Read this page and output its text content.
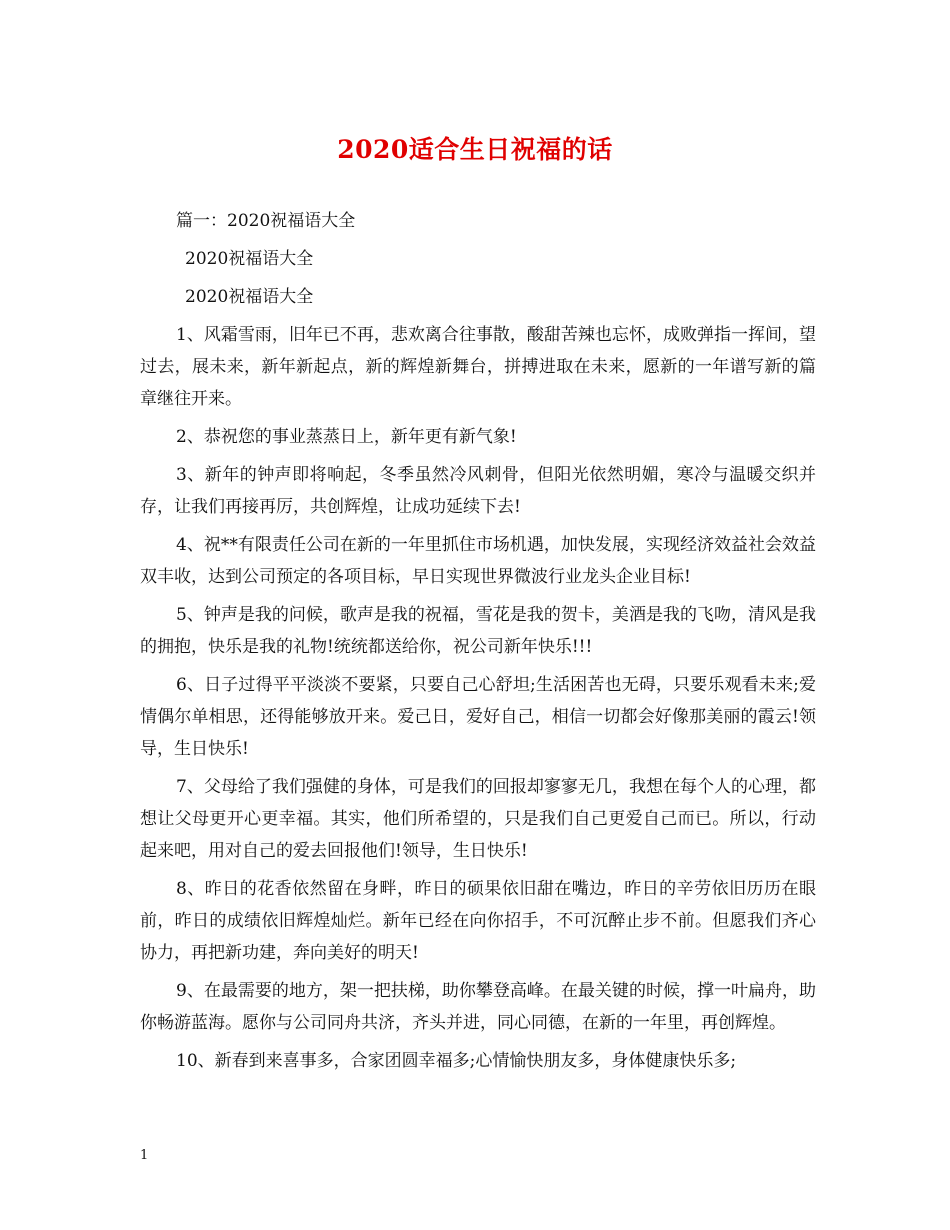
2020适合生日祝福的话

篇一：2020祝福语大全

2020祝福语大全

2020祝福语大全

1、风霜雪雨，旧年已不再，悲欢离合往事散，酸甜苦辣也忘怀，成败弹指一挥间，望过去，展未来，新年新起点，新的辉煌新舞台，拼搏进取在未来，愿新的一年谱写新的篇章继往开来。

2、恭祝您的事业蒸蒸日上，新年更有新气象!

3、新年的钟声即将响起，冬季虽然冷风刺骨，但阳光依然明媚，寒冷与温暖交织并存，让我们再接再厉，共创辉煌，让成功延续下去!

4、祝**有限责任公司在新的一年里抓住市场机遇，加快发展，实现经济效益社会效益双丰收，达到公司预定的各项目标，早日实现世界微波行业龙头企业目标!

5、钟声是我的问候，歌声是我的祝福，雪花是我的贺卡，美酒是我的飞吻，清风是我的拥抱，快乐是我的礼物!统统都送给你，祝公司新年快乐!!!

6、日子过得平平淡淡不要紧，只要自己心舒坦;生活困苦也无碍，只要乐观看未来;爱情偶尔单相思，还得能够放开来。爱己日，爱好自己，相信一切都会好像那美丽的霞云!领导，生日快乐!

7、父母给了我们强健的身体，可是我们的回报却寥寥无几，我想在每个人的心理，都想让父母更开心更幸福。其实，他们所希望的，只是我们自己更爱自己而已。所以，行动起来吧，用对自己的爱去回报他们!领导，生日快乐!

8、昨日的花香依然留在身畔，昨日的硕果依旧甜在嘴边，昨日的辛劳依旧历历在眼前，昨日的成绩依旧辉煌灿烂。新年已经在向你招手，不可沉醉止步不前。但愿我们齐心协力，再把新功建，奔向美好的明天!

9、在最需要的地方，架一把扶梯，助你攀登高峰。在最关键的时候，撑一叶扁舟，助你畅游蓝海。愿你与公司同舟共济，齐头并进，同心同德，在新的一年里，再创辉煌。

10、新春到来喜事多，合家团圆幸福多;心情愉快朋友多，身体健康快乐多;

1
